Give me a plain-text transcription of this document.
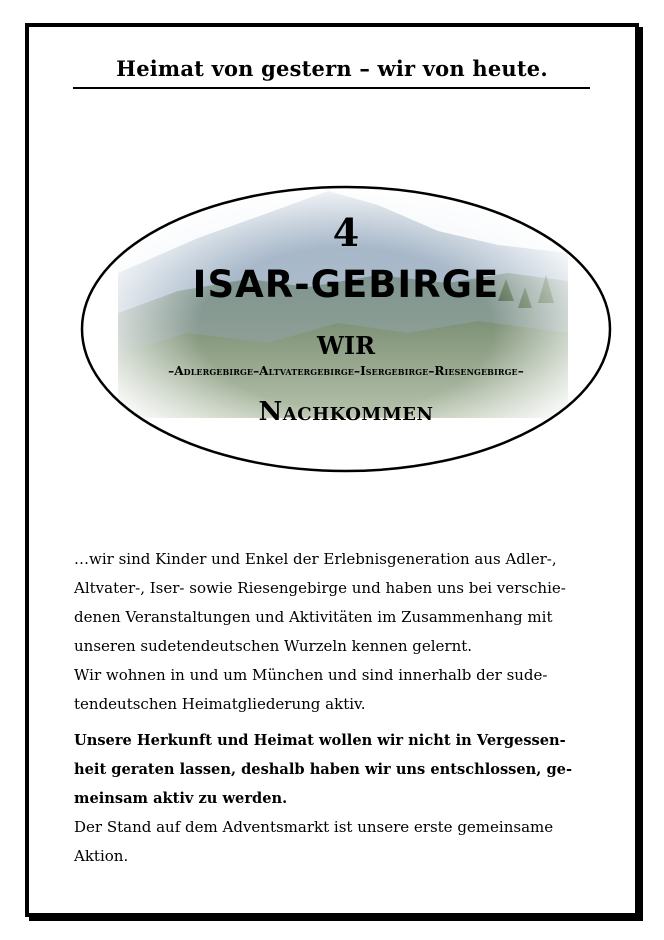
Heimat von gestern – wir von heute.
4
ISAR-GEBIRGE
WIR
–Adlergebirge–Altvatergebirge–Isergebirge–Riesengebirge–
Nachkommen
…wir sind Kinder und Enkel der Erlebnisgeneration aus Adler-,
Altvater-, Iser- sowie Riesengebirge und haben uns bei verschie-
denen Veranstaltungen und Aktivitäten im Zusammenhang mit
unseren sudetendeutschen Wurzeln kennen gelernt.
Wir wohnen in und um München und sind innerhalb der sude-
tendeutschen Heimatgliederung aktiv.
Unsere Herkunft und Heimat wollen wir nicht in Vergessen-
heit geraten lassen, deshalb haben wir uns entschlossen, ge-
meinsam aktiv zu werden.
Der Stand auf dem Adventsmarkt ist unsere erste gemeinsame
Aktion.
